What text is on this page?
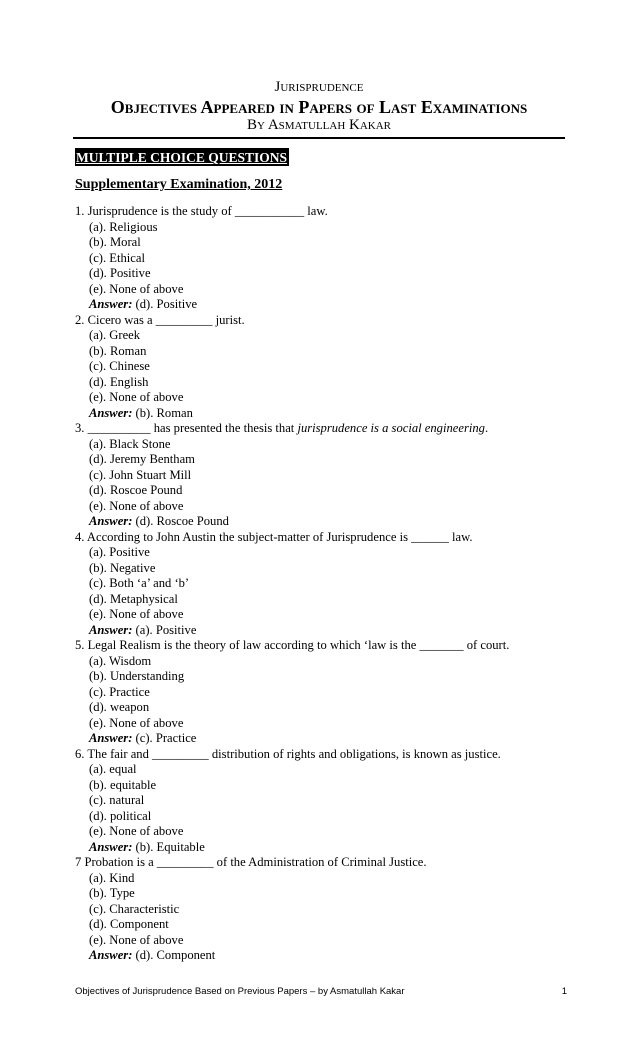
Jurisprudence
Objectives Appeared in Papers of Last Examinations
By Asmatullah Kakar
MULTIPLE CHOICE QUESTIONS
Supplementary Examination, 2012
1. Jurisprudence is the study of ___________ law.
(a). Religious
(b). Moral
(c). Ethical
(d). Positive
(e). None of above
Answer: (d). Positive
2. Cicero was a _________ jurist.
(a). Greek
(b). Roman
(c). Chinese
(d). English
(e). None of above
Answer: (b). Roman
3. __________ has presented the thesis that jurisprudence is a social engineering.
(a). Black Stone
(d). Jeremy Bentham
(c). John Stuart Mill
(d). Roscoe Pound
(e). None of above
Answer: (d). Roscoe Pound
4. According to John Austin the subject-matter of Jurisprudence is ______ law.
(a). Positive
(b). Negative
(c). Both ‘a’ and ‘b’
(d). Metaphysical
(e). None of above
Answer: (a). Positive
5. Legal Realism is the theory of law according to which ‘law is the _______ of court.
(a). Wisdom
(b). Understanding
(c). Practice
(d). weapon
(e). None of above
Answer: (c). Practice
6. The fair and _________ distribution of rights and obligations, is known as justice.
(a). equal
(b). equitable
(c). natural
(d). political
(e). None of above
Answer: (b). Equitable
7 Probation is a _________ of the Administration of Criminal Justice.
(a). Kind
(b). Type
(c). Characteristic
(d). Component
(e). None of above
Answer: (d). Component
Objectives of Jurisprudence Based on Previous Papers – by Asmatullah Kakar	1
